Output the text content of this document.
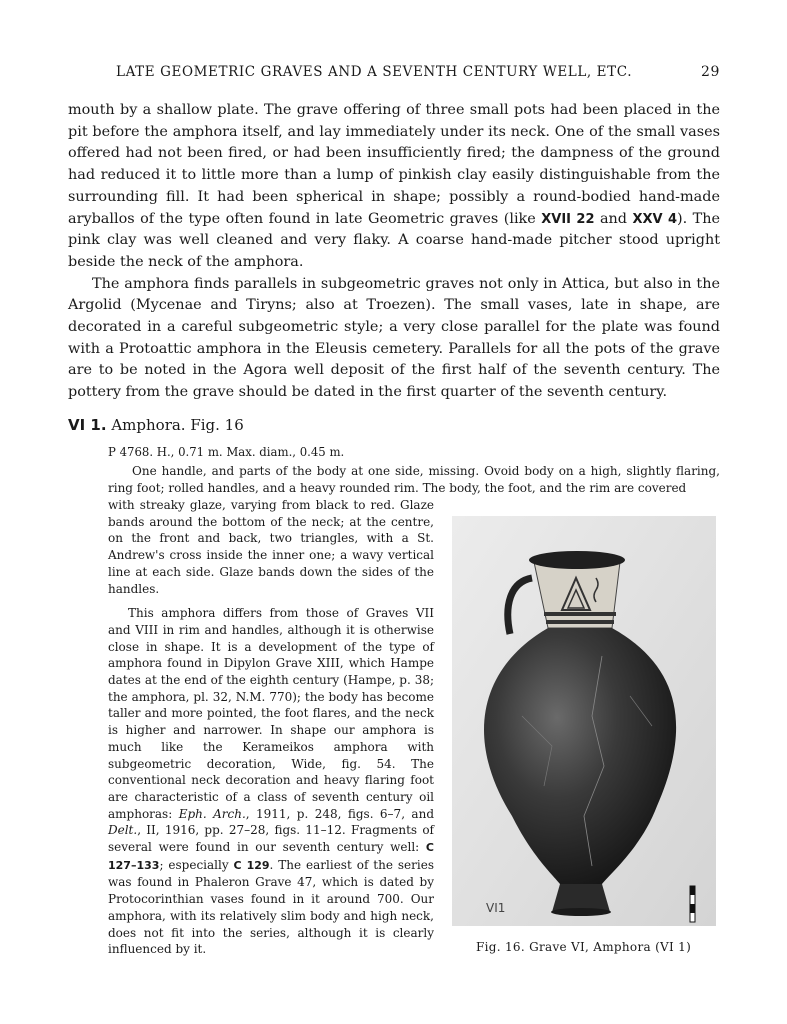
LATE GEOMETRIC GRAVES AND A SEVENTH CENTURY WELL, ETC.	29

mouth by a shallow plate. The grave offering of three small pots had been placed in the pit before the amphora itself, and lay immediately under its neck. One of the small vases offered had not been fired, or had been insufficiently fired; the dampness of the ground had reduced it to little more than a lump of pinkish clay easily distinguishable from the surrounding fill. It had been spherical in shape; possibly a round-bodied hand-made aryballos of the type often found in late Geometric graves (like XVII 22 and XXV 4). The pink clay was well cleaned and very flaky. A coarse hand-made pitcher stood upright beside the neck of the amphora.

The amphora finds parallels in subgeometric graves not only in Attica, but also in the Argolid (Mycenae and Tiryns; also at Troezen). The small vases, late in shape, are decorated in a careful subgeometric style; a very close parallel for the plate was found with a Protoattic amphora in the Eleusis cemetery. Parallels for all the pots of the grave are to be noted in the Agora well deposit of the first half of the seventh century. The pottery from the grave should be dated in the first quarter of the seventh century.

VI 1. Amphora. Fig. 16
P 4768. H., 0.71 m. Max. diam., 0.45 m.

One handle, and parts of the body at one side, missing. Ovoid body on a high, slightly flaring, ring foot; rolled handles, and a heavy rounded rim. The body, the foot, and the rim are covered

with streaky glaze, varying from black to red. Glaze bands around the bottom of the neck; at the centre, on the front and back, two triangles, with a St. Andrew's cross inside the inner one; a wavy vertical line at each side. Glaze bands down the sides of the handles.

This amphora differs from those of Graves VII and VIII in rim and handles, although it is otherwise close in shape. It is a development of the type of amphora found in Dipylon Grave XIII, which Hampe dates at the end of the eighth century (Hampe, p. 38; the amphora, pl. 32, N.M. 770); the body has become taller and more pointed, the foot flares, and the neck is higher and narrower. In shape our amphora is much like the Kerameikos amphora with subgeometric decoration, Wide, fig. 54. The conventional neck decoration and heavy flaring foot are characteristic of a class of seventh century oil amphoras: Eph. Arch., 1911, p. 248, figs. 6–7, and Delt., II, 1916, pp. 27–28, figs. 11–12. Fragments of several were found in our seventh century well: C 127–133; especially C 129. The earliest of the series was found in Phaleron Grave 47, which is dated by Protocorinthian vases found in it around 700. Our amphora, with its relatively slim body and high neck, does not fit into the series, although it is clearly influenced by it.

VI1
Fig. 16. Grave VI, Amphora (VI 1)
